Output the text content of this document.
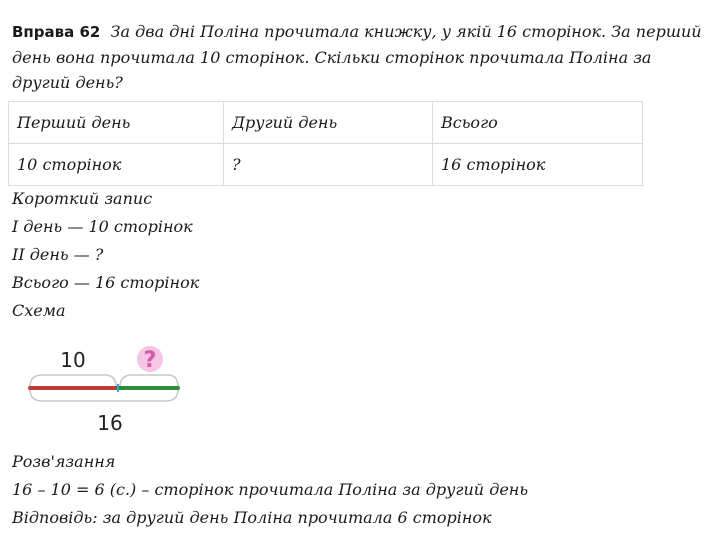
Вправа 62 За два дні Поліна прочитала книжку, у якій 16 сторінок. За перший день вона прочитала 10 сторінок. Скільки сторінок прочитала Поліна за другий день?
Перший день	Другий день	Всього
10 сторінок	?	16 сторінок
Короткий запис
I день — 10 сторінок
II день — ?
Всього — 16 сторінок
Схема
10	?
16
Розв'язання
16 – 10 = 6 (с.) – сторінок прочитала Поліна за другий день
Відповідь: за другий день Поліна прочитала 6 сторінок
